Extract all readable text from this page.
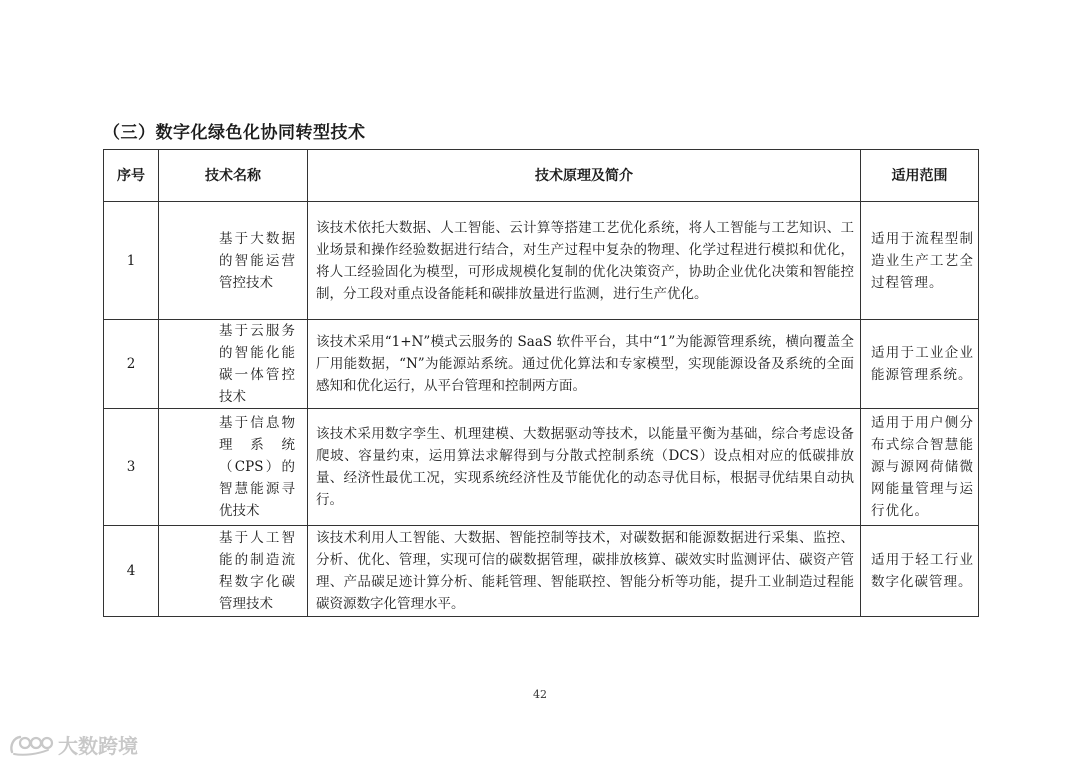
（三）数字化绿色化协同转型技术
序号	技术名称	技术原理及简介	适用范围
1	基于大数据的智能运营管控技术	该技术依托大数据、人工智能、云计算等搭建工艺优化系统，将人工智能与工艺知识、工业场景和操作经验数据进行结合，对生产过程中复杂的物理、化学过程进行模拟和优化，将人工经验固化为模型，可形成规模化复制的优化决策资产，协助企业优化决策和智能控制，分工段对重点设备能耗和碳排放量进行监测，进行生产优化。	适用于流程型制造业生产工艺全过程管理。
2	基于云服务的智能化能碳一体管控技术	该技术采用“1+N”模式云服务的 SaaS 软件平台，其中“1”为能源管理系统，横向覆盖全厂用能数据，“N”为能源站系统。通过优化算法和专家模型，实现能源设备及系统的全面感知和优化运行，从平台管理和控制两方面。	适用于工业企业能源管理系统。
3	基于信息物理系统（CPS）的智慧能源寻优技术	该技术采用数字孪生、机理建模、大数据驱动等技术，以能量平衡为基础，综合考虑设备爬坡、容量约束，运用算法求解得到与分散式控制系统（DCS）设点相对应的低碳排放量、经济性最优工况，实现系统经济性及节能优化的动态寻优目标，根据寻优结果自动执行。	适用于用户侧分布式综合智慧能源与源网荷储微网能量管理与运行优化。
4	基于人工智能的制造流程数字化碳管理技术	该技术利用人工智能、大数据、智能控制等技术，对碳数据和能源数据进行采集、监控、分析、优化、管理，实现可信的碳数据管理，碳排放核算、碳效实时监测评估、碳资产管理、产品碳足迹计算分析、能耗管理、智能联控、智能分析等功能，提升工业制造过程能碳资源数字化管理水平。	适用于轻工行业数字化碳管理。
42
大数跨境
